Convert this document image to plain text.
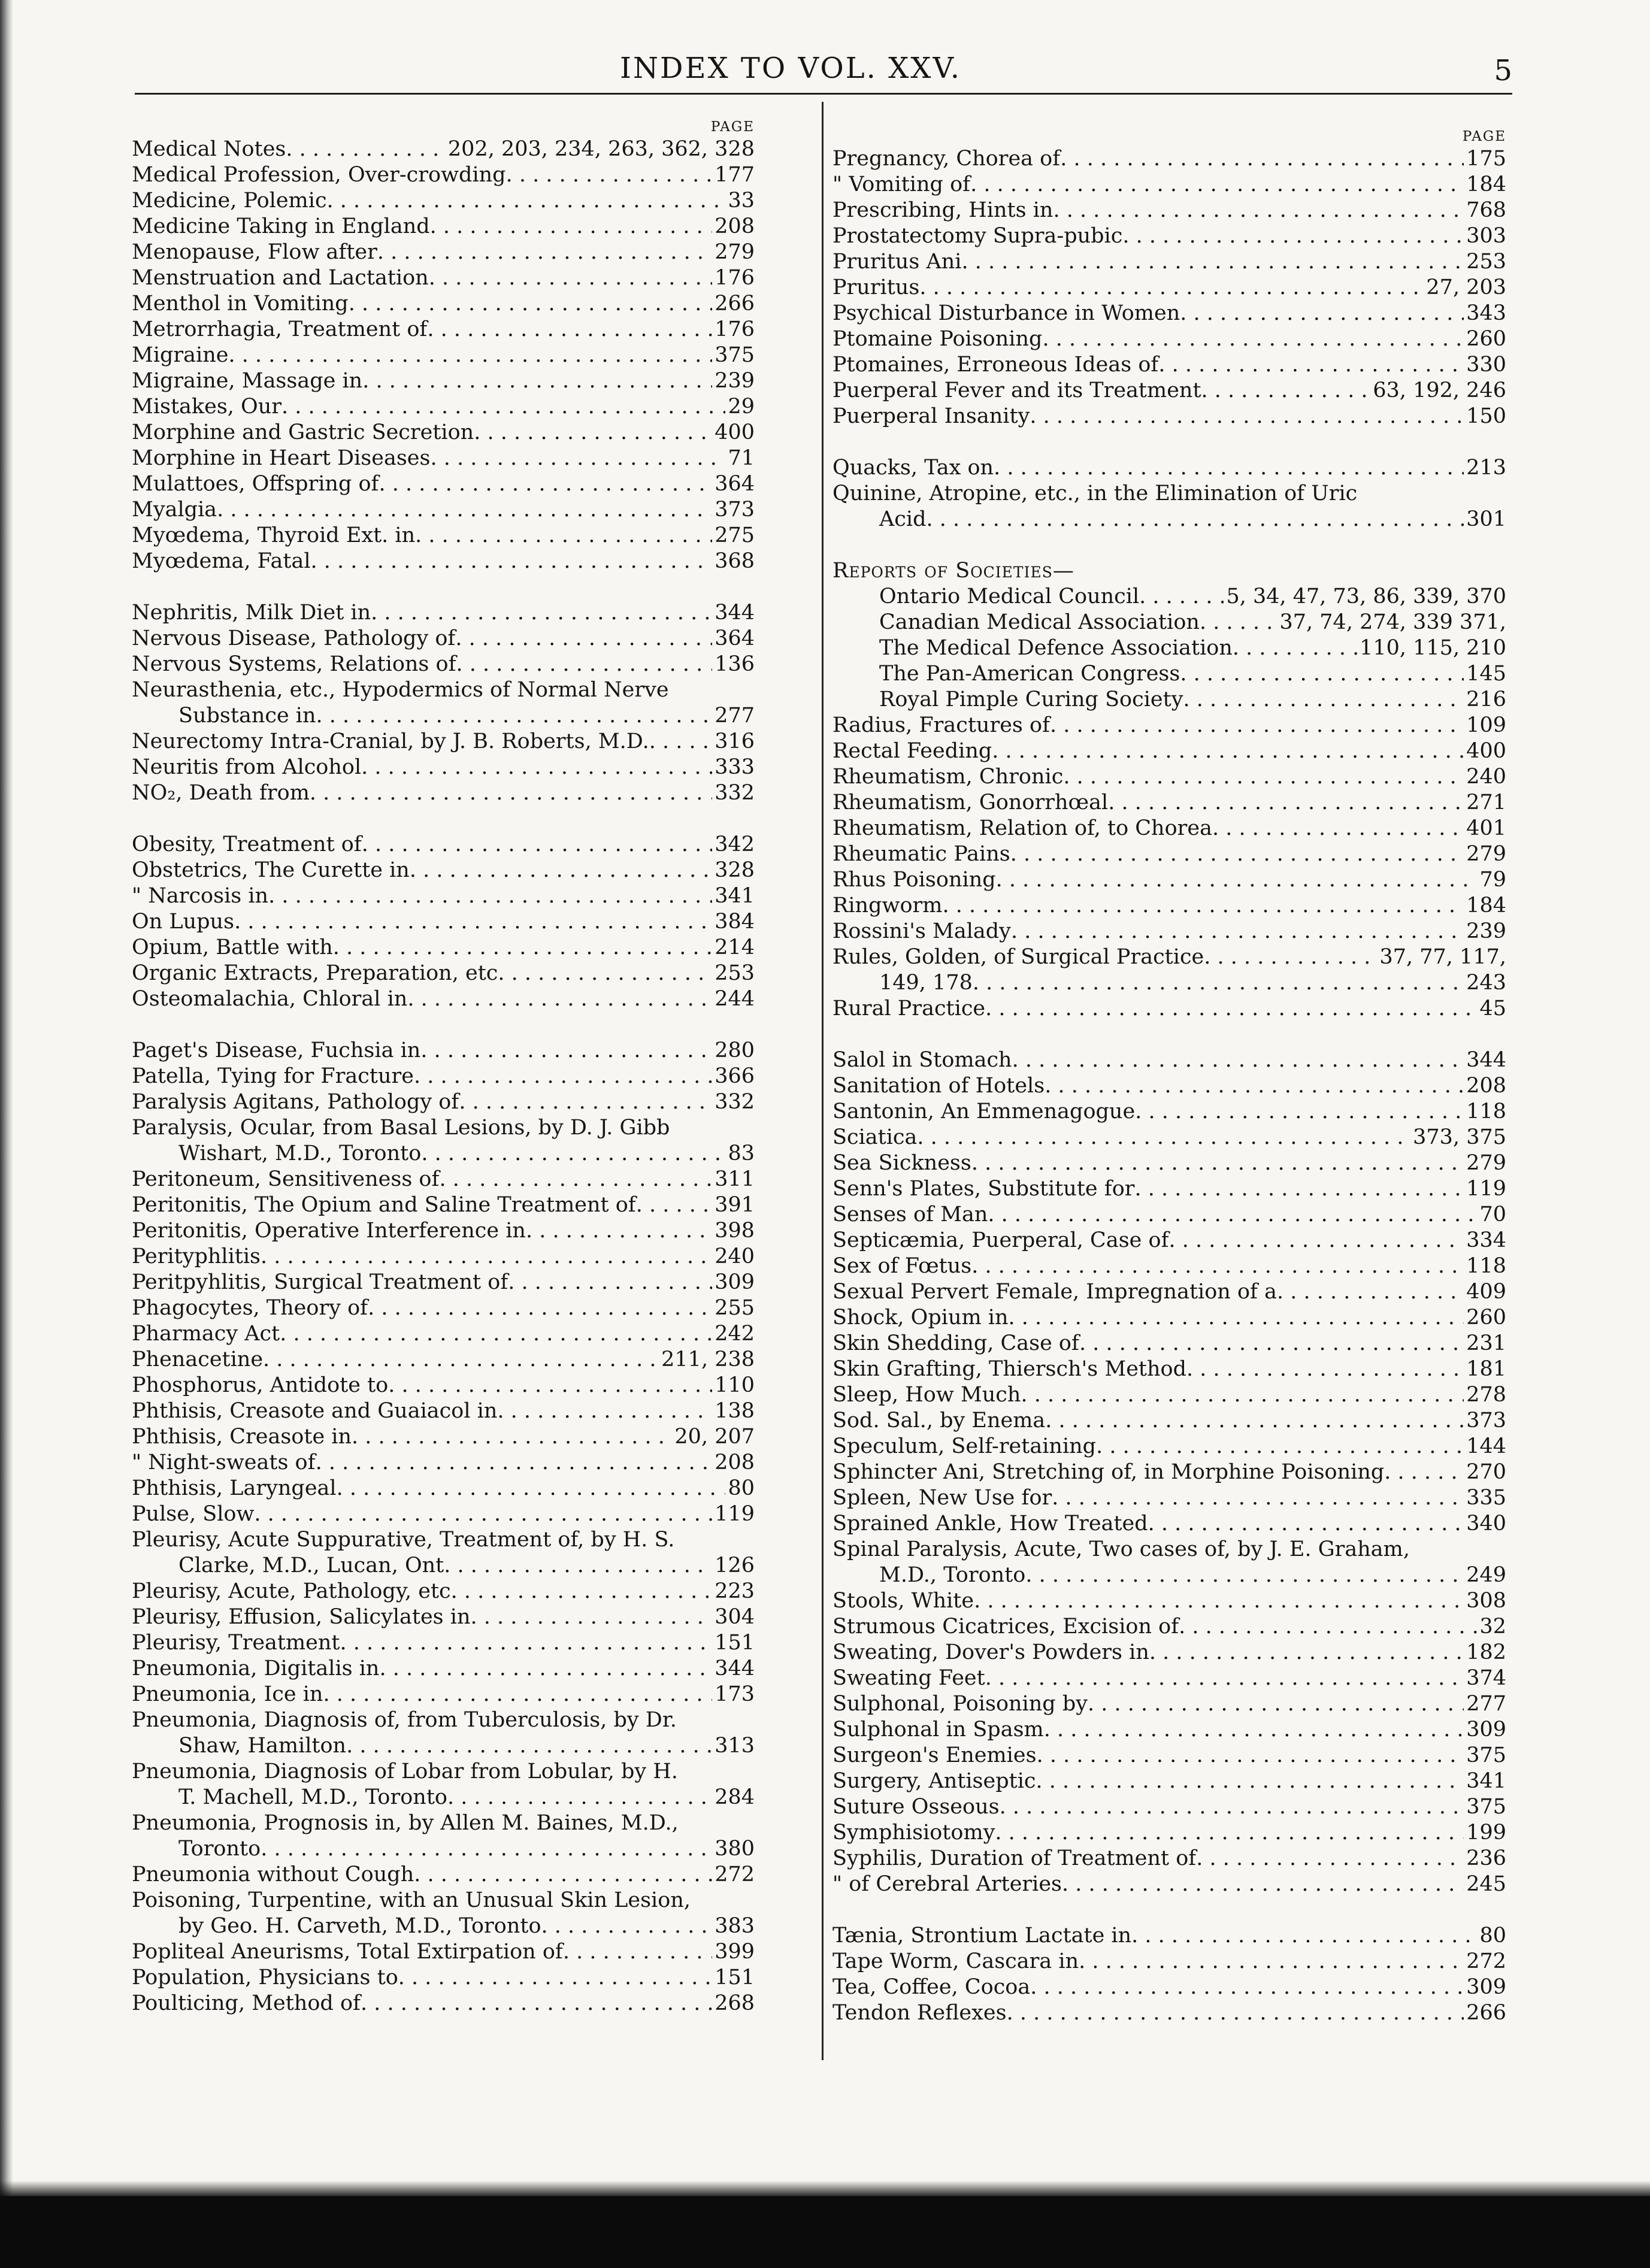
INDEX TO VOL. XXV.	5
PAGE
Medical Notes . . .	202, 203, 234, 263, 362, 328
Medical Profession, Over-crowding . . .	177
Medicine, Polemic . . .	33
Medicine Taking in England . . .	208
Menopause, Flow after . . .	279
Menstruation and Lactation . . .	176
Menthol in Vomiting . . .	266
Metrorrhagia, Treatment of . . .	176
Migraine . . .	375
Migraine, Massage in . . .	239
Mistakes, Our . . .	29
Morphine and Gastric Secretion . . .	400
Morphine in Heart Diseases . . .	71
Mulattoes, Offspring of . . .	364
Myalgia . . .	373
Myœdema, Thyroid Ext. in . . .	275
Myœdema, Fatal . . .	368
Nephritis, Milk Diet in . . .	344
Nervous Disease, Pathology of . . .	364
Nervous Systems, Relations of . . .	136
Neurasthenia, etc., Hypodermics of Normal Nerve
Substance in . . .	277
Neurectomy Intra-Cranial, by J. B. Roberts, M.D. . . .	316
Neuritis from Alcohol . . .	333
NO₂, Death from . . .	332
Obesity, Treatment of . . .	342
Obstetrics, The Curette in . . .	328
" Narcosis in . . .	341
On Lupus . . .	384
Opium, Battle with . . .	214
Organic Extracts, Preparation, etc . . .	253
Osteomalachia, Chloral in . . .	244
Paget's Disease, Fuchsia in . . .	280
Patella, Tying for Fracture . . .	366
Paralysis Agitans, Pathology of . . .	332
Paralysis, Ocular, from Basal Lesions, by D. J. Gibb
Wishart, M.D., Toronto . . .	83
Peritoneum, Sensitiveness of . . .	311
Peritonitis, The Opium and Saline Treatment of . . .	391
Peritonitis, Operative Interference in . . .	398
Perityphlitis . . .	240
Peritpyhlitis, Surgical Treatment of . . .	309
Phagocytes, Theory of . . .	255
Pharmacy Act . . .	242
Phenacetine . . .	211, 238
Phosphorus, Antidote to . . .	110
Phthisis, Creasote and Guaiacol in . . .	138
Phthisis, Creasote in . . .	20, 207
" Night-sweats of . . .	208
Phthisis, Laryngeal . . .	80
Pulse, Slow . . .	119
Pleurisy, Acute Suppurative, Treatment of, by H. S.
Clarke, M.D., Lucan, Ont . . .	126
Pleurisy, Acute, Pathology, etc . . .	223
Pleurisy, Effusion, Salicylates in . . .	304
Pleurisy, Treatment . . .	151
Pneumonia, Digitalis in . . .	344
Pneumonia, Ice in . . .	173
Pneumonia, Diagnosis of, from Tuberculosis, by Dr.
Shaw, Hamilton . . .	313
Pneumonia, Diagnosis of Lobar from Lobular, by H.
T. Machell, M.D., Toronto . . .	284
Pneumonia, Prognosis in, by Allen M. Baines, M.D.,
Toronto . . .	380
Pneumonia without Cough . . .	272
Poisoning, Turpentine, with an Unusual Skin Lesion,
by Geo. H. Carveth, M.D., Toronto . . .	383
Popliteal Aneurisms, Total Extirpation of . . .	399
Population, Physicians to . . .	151
Poulticing, Method of . . .	268
PAGE
Pregnancy, Chorea of . . .	175
" Vomiting of . . .	184
Prescribing, Hints in . . .	768
Prostatectomy Supra-pubic . . .	303
Pruritus Ani . . .	253
Pruritus . . .	27, 203
Psychical Disturbance in Women . . .	343
Ptomaine Poisoning . . .	260
Ptomaines, Erroneous Ideas of . . .	330
Puerperal Fever and its Treatment . . .	63, 192, 246
Puerperal Insanity . . .	150
Quacks, Tax on . . .	213
Quinine, Atropine, etc., in the Elimination of Uric
Acid . . .	301
Reports of Societies—
Ontario Medical Council . . .	5, 34, 47, 73, 86, 339, 370
Canadian Medical Association . . .	37, 74, 274, 339 371,
The Medical Defence Association . . .	110, 115, 210
The Pan-American Congress . . .	145
Royal Pimple Curing Society . . .	216
Radius, Fractures of . . .	109
Rectal Feeding . . .	400
Rheumatism, Chronic . . .	240
Rheumatism, Gonorrhœal . . .	271
Rheumatism, Relation of, to Chorea . . .	401
Rheumatic Pains . . .	279
Rhus Poisoning . . .	79
Ringworm . . .	184
Rossini's Malady . . .	239
Rules, Golden, of Surgical Practice . . .	37, 77, 117,
149, 178 . . .	243
Rural Practice . . .	45
Salol in Stomach . . .	344
Sanitation of Hotels . . .	208
Santonin, An Emmenagogue . . .	118
Sciatica . . .	373, 375
Sea Sickness . . .	279
Senn's Plates, Substitute for . . .	119
Senses of Man . . .	70
Septicæmia, Puerperal, Case of . . .	334
Sex of Fœtus . . .	118
Sexual Pervert Female, Impregnation of a . . .	409
Shock, Opium in . . .	260
Skin Shedding, Case of . . .	231
Skin Grafting, Thiersch's Method . . .	181
Sleep, How Much . . .	278
Sod. Sal., by Enema . . .	373
Speculum, Self-retaining . . .	144
Sphincter Ani, Stretching of, in Morphine Poisoning . . .	270
Spleen, New Use for . . .	335
Sprained Ankle, How Treated . . .	340
Spinal Paralysis, Acute, Two cases of, by J. E. Graham,
M.D., Toronto . . .	249
Stools, White . . .	308
Strumous Cicatrices, Excision of . . .	32
Sweating, Dover's Powders in . . .	182
Sweating Feet . . .	374
Sulphonal, Poisoning by . . .	277
Sulphonal in Spasm . . .	309
Surgeon's Enemies . . .	375
Surgery, Antiseptic . . .	341
Suture Osseous . . .	375
Symphisiotomy . . .	199
Syphilis, Duration of Treatment of . . .	236
" of Cerebral Arteries . . .	245
Tænia, Strontium Lactate in . . .	80
Tape Worm, Cascara in . . .	272
Tea, Coffee, Cocoa . . .	309
Tendon Reflexes . . .	266
